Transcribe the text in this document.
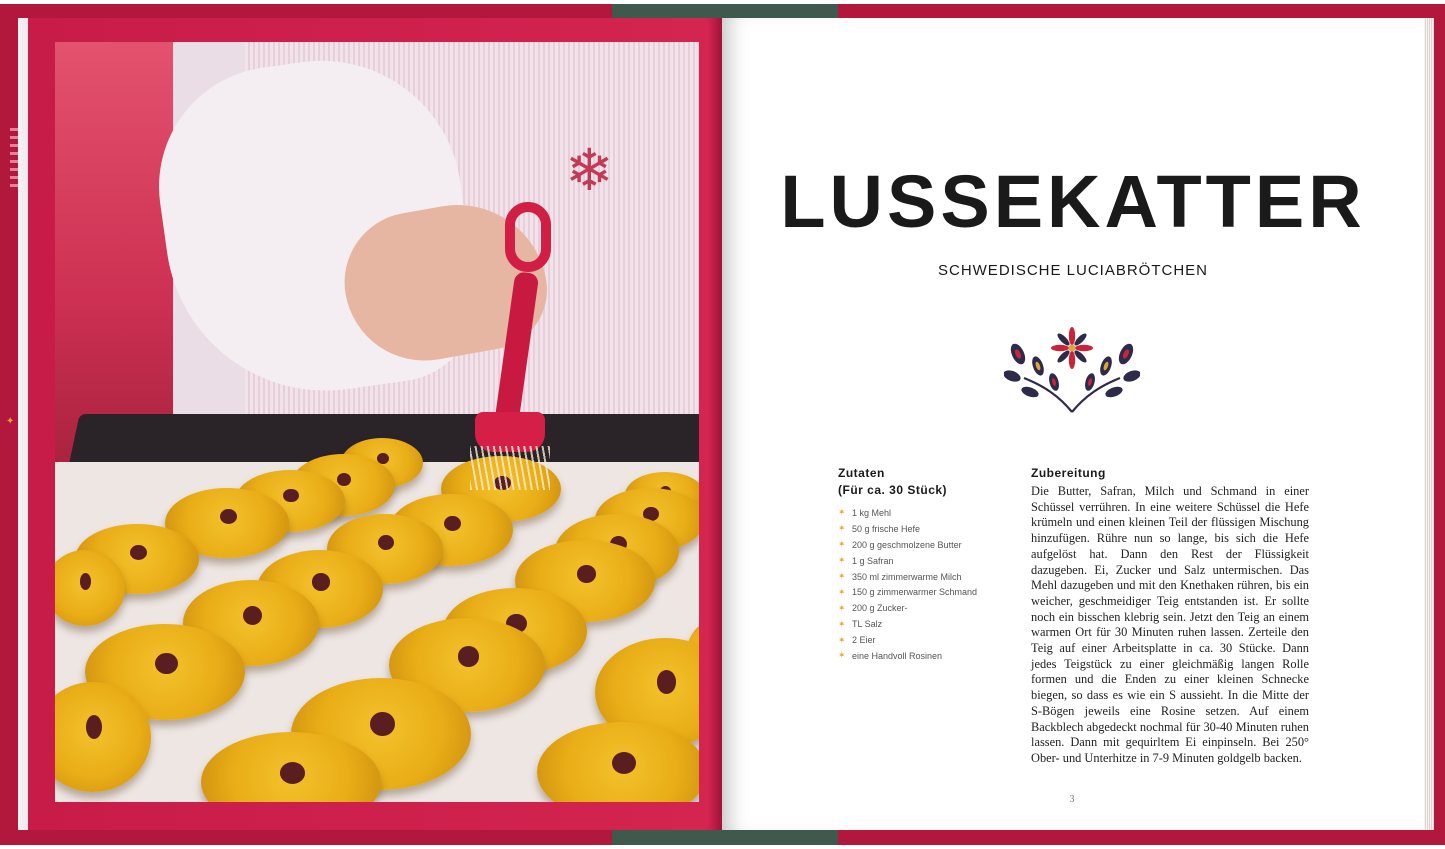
✦
❄	LUSSEKATTER
SCHWEDISCHE LUCIABRÖTCHEN
Zutaten
(Für ca. 30 Stück)
✶ 1 kg Mehl
✶ 50 g frische Hefe
✶ 200 g geschmolzene Butter
✶ 1 g Safran
✶ 350 ml zimmerwarme Milch
✶ 150 g zimmerwarmer Schmand
✶ 200 g Zucker-
✶ TL Salz
✶ 2 Eier
✶ eine Handvoll Rosinen
Zubereitung

Die Butter, Safran, Milch und Schmand in einer Schüssel verrühren. In eine weitere Schüssel die Hefe krümeln und einen kleinen Teil der flüssigen Mischung hinzufügen. Rühre nun so lange, bis sich die Hefe aufgelöst hat. Dann den Rest der Flüssigkeit dazugeben. Ei, Zucker und Salz untermischen. Das Mehl dazugeben und mit den Knethaken rühren, bis ein weicher, geschmeidiger Teig entstanden ist. Er sollte noch ein bisschen klebrig sein. Jetzt den Teig an einem warmen Ort für 30 Minuten ruhen lassen. Zerteile den Teig auf einer Arbeitsplatte in ca. 30 Stücke. Dann jedes Teigstück zu einer gleichmäßig langen Rolle formen und die Enden zu einer kleinen Schnecke biegen, so dass es wie ein S aussieht. In die Mitte der S-Bögen jeweils eine Rosine setzen. Auf einem Backblech abgedeckt nochmal für 30-40 Minuten ruhen lassen. Dann mit gequirltem Ei einpinseln. Bei 250° Ober- und Unterhitze in 7-9 Minuten goldgelb backen.

3
